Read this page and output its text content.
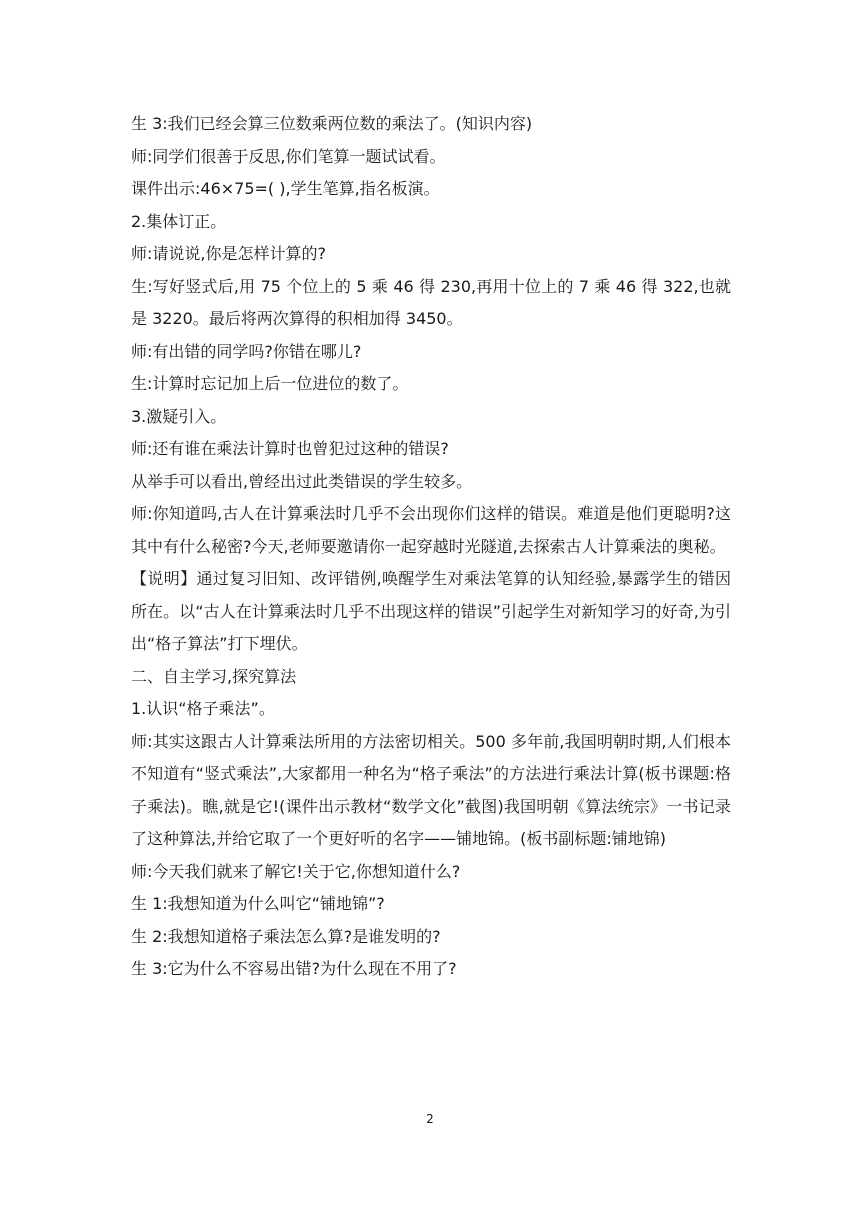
生 3:我们已经会算三位数乘两位数的乘法了。(知识内容)

师:同学们很善于反思,你们笔算一题试试看。

课件出示:46×75=( ),学生笔算,指名板演。

2.集体订正。

师:请说说,你是怎样计算的?

生:写好竖式后,用 75 个位上的 5 乘 46 得 230,再用十位上的 7 乘 46 得 322,也就是 3220。最后将两次算得的积相加得 3450。

师:有出错的同学吗?你错在哪儿?

生:计算时忘记加上后一位进位的数了。

3.激疑引入。

师:还有谁在乘法计算时也曾犯过这种的错误?

从举手可以看出,曾经出过此类错误的学生较多。

师:你知道吗,古人在计算乘法时几乎不会出现你们这样的错误。难道是他们更聪明?这其中有什么秘密?今天,老师要邀请你一起穿越时光隧道,去探索古人计算乘法的奥秘。

【说明】通过复习旧知、改评错例,唤醒学生对乘法笔算的认知经验,暴露学生的错因所在。以“古人在计算乘法时几乎不出现这样的错误”引起学生对新知学习的好奇,为引出“格子算法”打下埋伏。

二、自主学习,探究算法

1.认识“格子乘法”。

师:其实这跟古人计算乘法所用的方法密切相关。500 多年前,我国明朝时期,人们根本不知道有“竖式乘法”,大家都用一种名为“格子乘法”的方法进行乘法计算(板书课题:格子乘法)。瞧,就是它!(课件出示教材“数学文化”截图)我国明朝《算法统宗》一书记录了这种算法,并给它取了一个更好听的名字——铺地锦。(板书副标题:铺地锦)

师:今天我们就来了解它!关于它,你想知道什么?

生 1:我想知道为什么叫它“铺地锦”?

生 2:我想知道格子乘法怎么算?是谁发明的?

生 3:它为什么不容易出错?为什么现在不用了?

2
